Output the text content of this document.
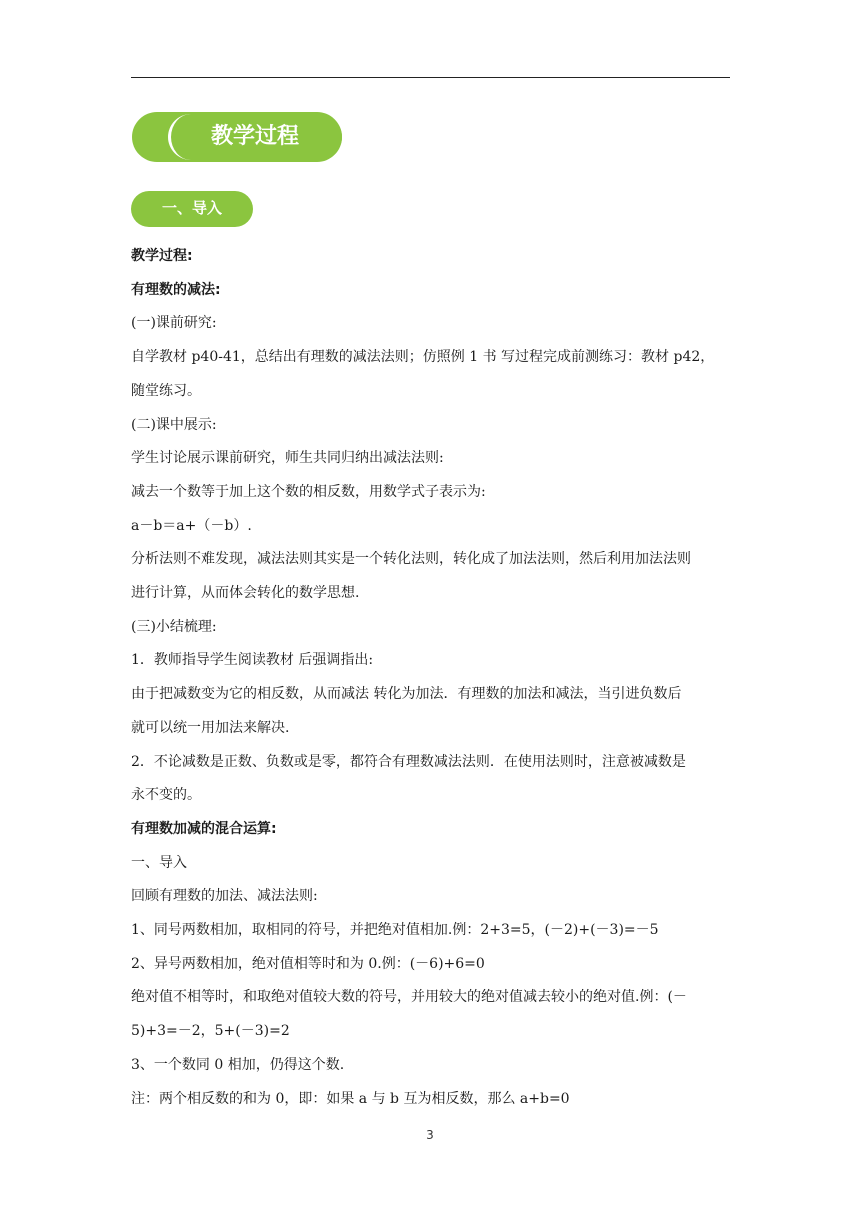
教学过程
一、导入

教学过程:

有理数的减法:

(一)课前研究:

自学教材 p40-41，总结出有理数的减法法则；仿照例 1 书 写过程完成前测练习：教材 p42，

随堂练习。

(二)课中展示:

学生讨论展示课前研究，师生共同归纳出减法法则:

减去一个数等于加上这个数的相反数，用数学式子表示为:

a－b＝a+（－b）.

分析法则不难发现，减法法则其实是一个转化法则，转化成了加法法则，然后利用加法法则

进行计算，从而体会转化的数学思想.

(三)小结梳理:

1．教师指导学生阅读教材 后强调指出:

由于把减数变为它的相反数，从而减法 转化为加法．有理数的加法和减法，当引进负数后

就可以统一用加法来解决.

2．不论减数是正数、负数或是零，都符合有理数减法法则．在使用法则时，注意被减数是

永不变的。

有理数加减的混合运算:

一、导入

回顾有理数的加法、减法法则:

1、同号两数相加，取相同的符号，并把绝对值相加.例：2+3=5，(－2)+(－3)=－5

2、异号两数相加，绝对值相等时和为 0.例：(－6)+6=0

绝对值不相等时，和取绝对值较大数的符号，并用较大的绝对值减去较小的绝对值.例：(－

5)+3=－2，5+(－3)=2

3、一个数同 0 相加，仍得这个数.

注：两个相反数的和为 0，即：如果 a 与 b 互为相反数，那么 a+b=0

3
